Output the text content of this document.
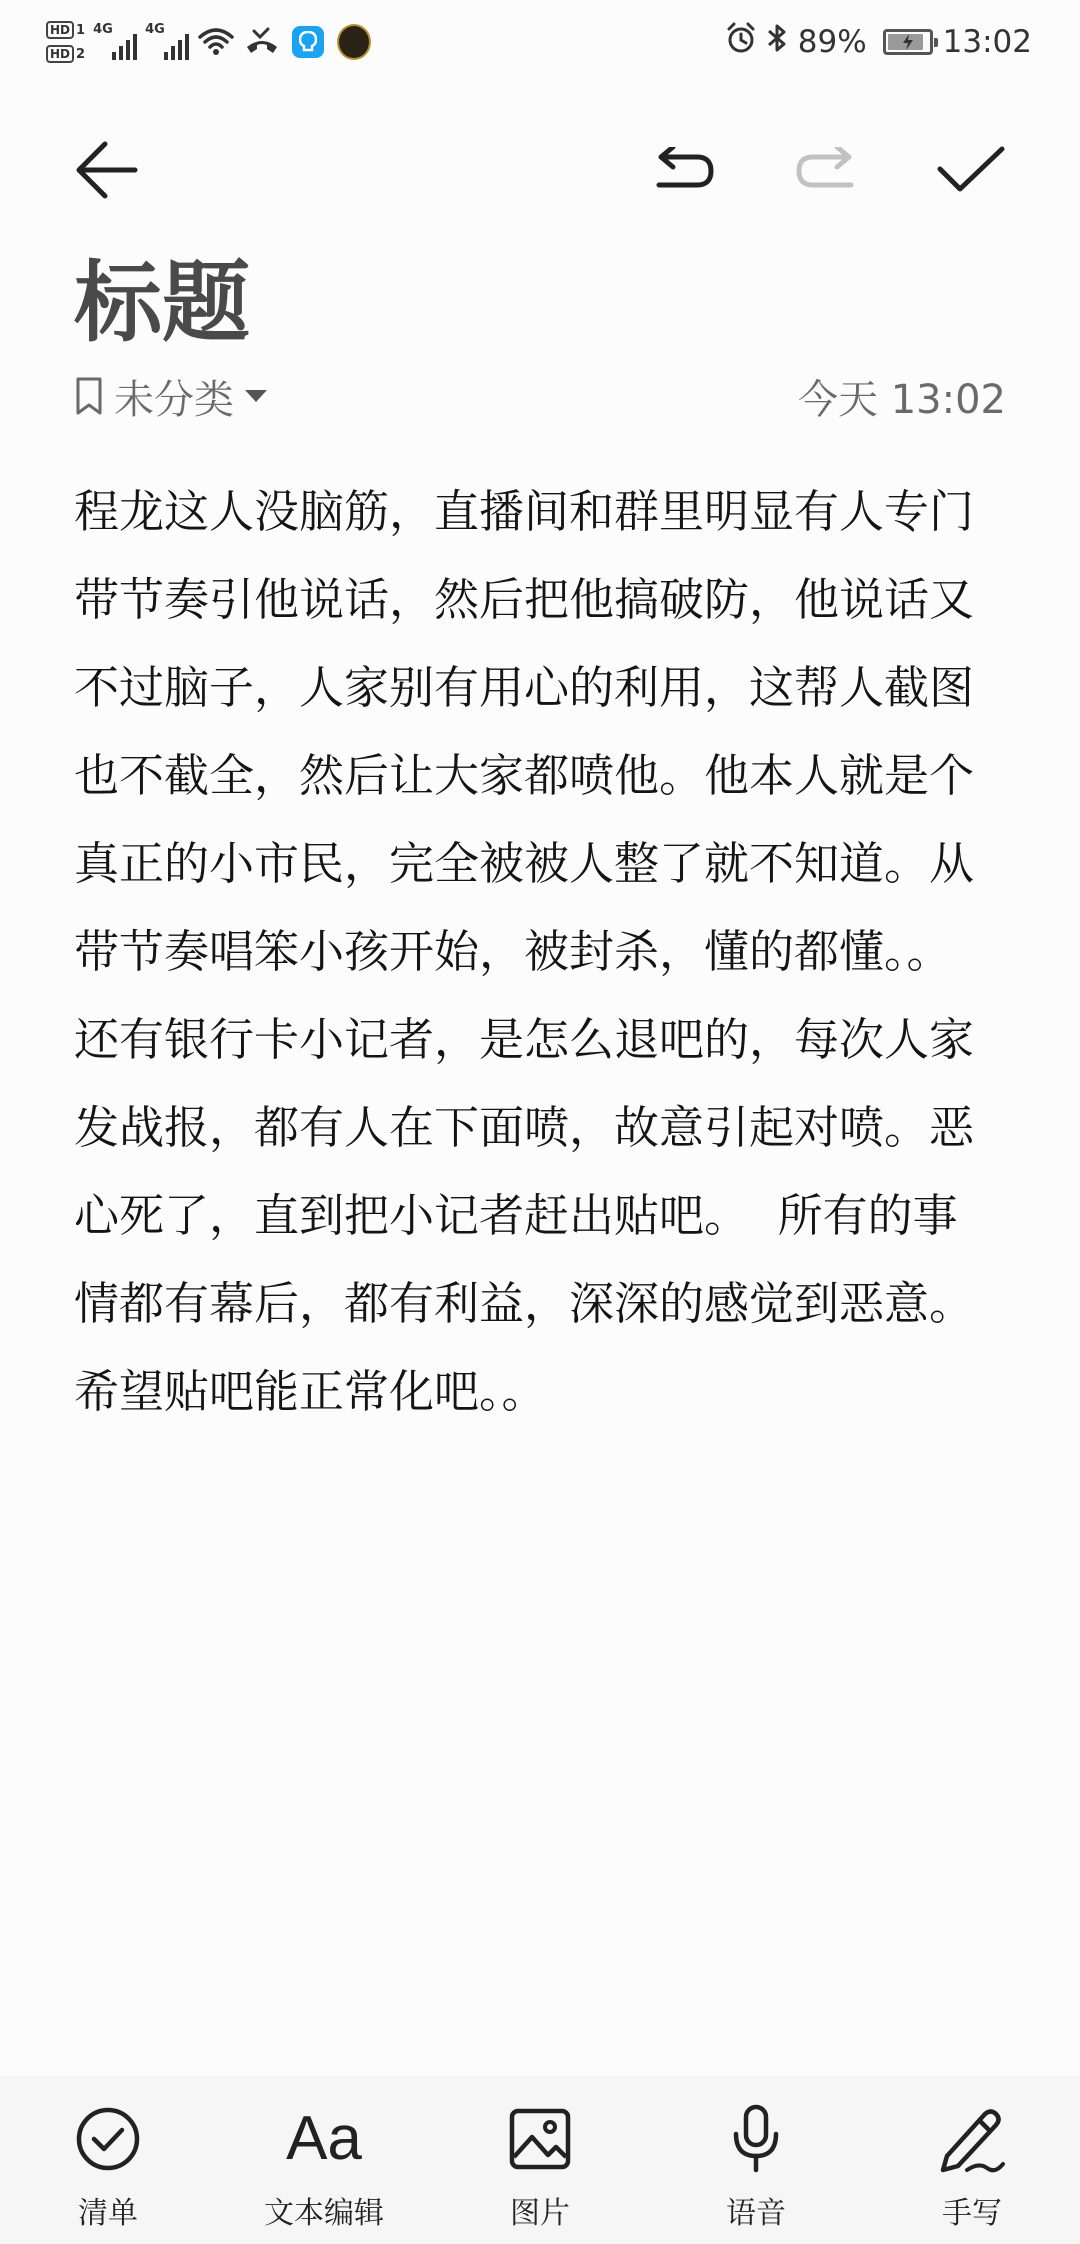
HD 1
HD 2
4G 4G	89% 13:02
标题
未分类	今天 13:02
程龙这人没脑筋，直播间和群里明显有人专门带节奏引他说话，然后把他搞破防，他说话又不过脑子，人家别有用心的利用，这帮人截图也不截全，然后让大家都喷他。他本人就是个真正的小市民，完全被被人整了就不知道。从带节奏唱笨小孩开始，被封杀，懂的都懂。。还有银行卡小记者，是怎么退吧的，每次人家发战报，都有人在下面喷，故意引起对喷。恶心死了，直到把小记者赶出贴吧。  所有的事情都有幕后，都有利益，深深的感觉到恶意。希望贴吧能正常化吧。。
清单
Aa
文本编辑	图片	语音	手写
